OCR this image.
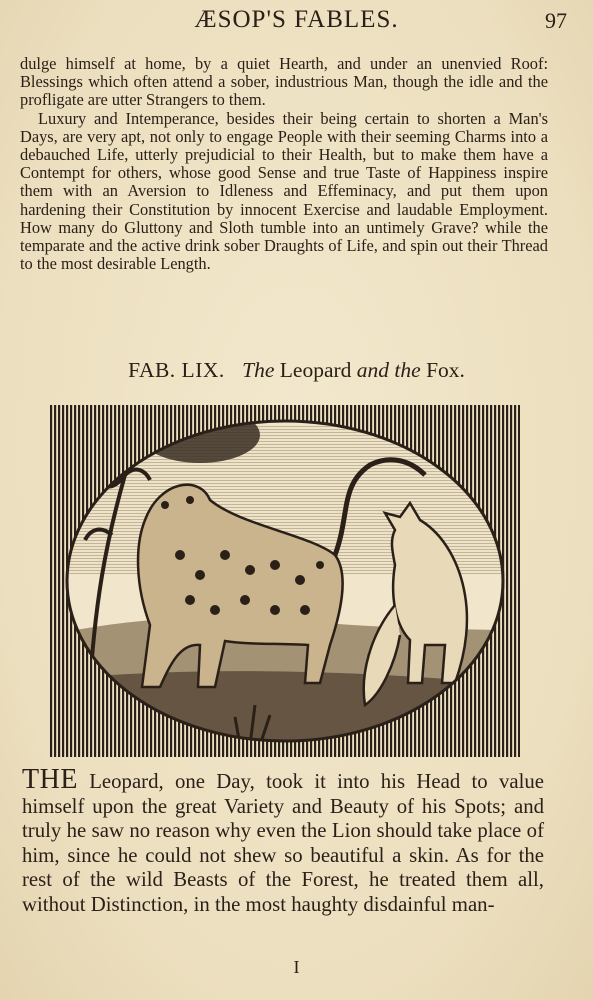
ÆSOP'S FABLES.	97

dulge himself at home, by a quiet Hearth, and under an unenvied Roof: Blessings which often attend a sober, industrious Man, though the idle and the profligate are utter Strangers to them.

Luxury and Intemperance, besides their being certain to shorten a Man's Days, are very apt, not only to engage People with their seeming Charms into a debauched Life, utterly prejudicial to their Health, but to make them have a Contempt for others, whose good Sense and true Taste of Happiness inspire them with an Aversion to Idleness and Effeminacy, and put them upon hardening their Constitution by innocent Exercise and laudable Employment. How many do Gluttony and Sloth tumble into an untimely Grave? while the temparate and the active drink sober Draughts of Life, and spin out their Thread to the most desirable Length.

FAB. LIX. The Leopard and the Fox.

THE Leopard, one Day, took it into his Head to value himself upon the great Variety and Beauty of his Spots; and truly he saw no reason why even the Lion should take place of him, since he could not shew so beautiful a skin. As for the rest of the wild Beasts of the Forest, he treated them all, without Distinction, in the most haughty disdainful man-

I
